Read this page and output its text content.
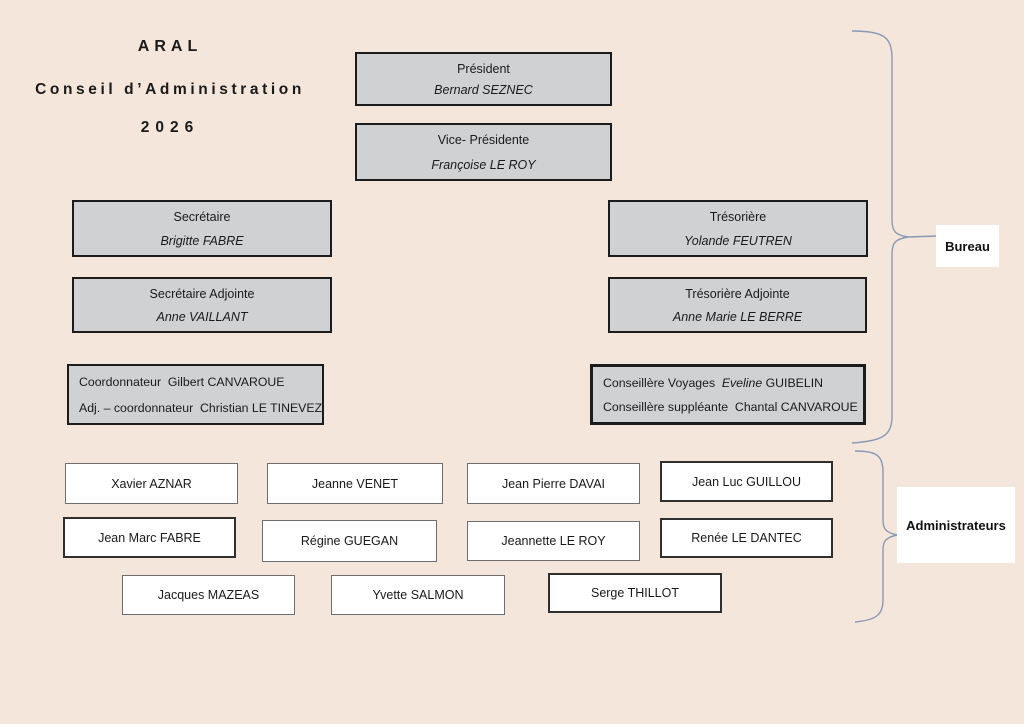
ARAL
Conseil d’Administration
2026
Président
Bernard SEZNEC
Vice- Présidente
Françoise LE ROY
Secrétaire
Brigitte FABRE
Trésorière
Yolande FEUTREN
Secrétaire Adjointe
Anne VAILLANT
Trésorière Adjointe
Anne Marie LE BERRE
Coordonnateur  Gilbert CANVAROUE
Adj. – coordonnateur  Christian LE TINEVEZ
Conseillère Voyages Eveline GUIBELIN
Conseillère suppléante  Chantal CANVAROUE
Xavier AZNAR	Jeanne VENET	Jean Pierre DAVAI	Jean Luc GUILLOU
Jean Marc FABRE	Régine GUEGAN	Jeannette LE ROY	Renée LE DANTEC
Jacques MAZEAS	Yvette SALMON	Serge THILLOT
Bureau
Administrateurs
